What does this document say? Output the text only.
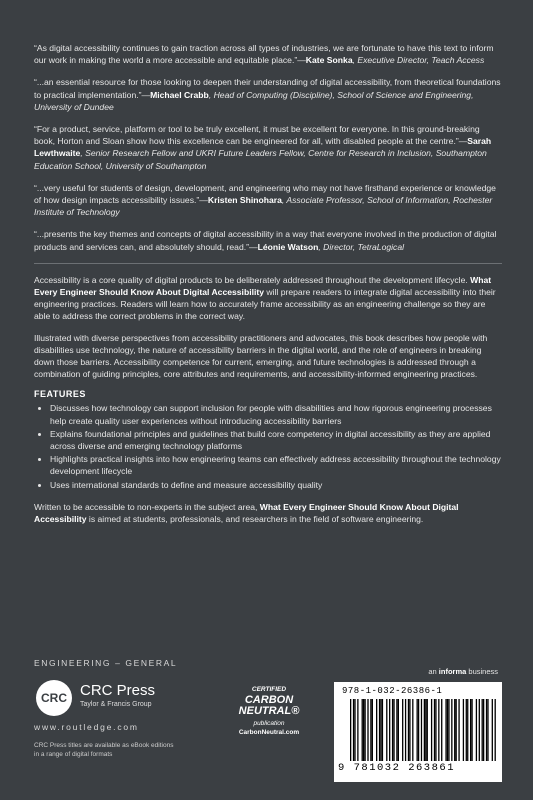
“As digital accessibility continues to gain traction across all types of industries, we are fortunate to have this text to inform our work in making the world a more accessible and equitable place.”—Kate Sonka, Executive Director, Teach Access

“...an essential resource for those looking to deepen their understanding of digital accessibility, from theoretical foundations to practical implementation.”—Michael Crabb, Head of Computing (Discipline), School of Science and Engineering, University of Dundee

“For a product, service, platform or tool to be truly excellent, it must be excellent for everyone. In this ground-breaking book, Horton and Sloan show how this excellence can be engineered for all, with disabled people at the centre.”—Sarah Lewthwaite, Senior Research Fellow and UKRI Future Leaders Fellow, Centre for Research in Inclusion, Southampton Education School, University of Southampton

“...very useful for students of design, development, and engineering who may not have firsthand experience or knowledge of how design impacts accessibility issues.”—Kristen Shinohara, Associate Professor, School of Information, Rochester Institute of Technology

“...presents the key themes and concepts of digital accessibility in a way that everyone involved in the production of digital products and services can, and absolutely should, read.”—Léonie Watson, Director, TetraLogical

Accessibility is a core quality of digital products to be deliberately addressed throughout the development lifecycle. What Every Engineer Should Know About Digital Accessibility will prepare readers to integrate digital accessibility into their engineering practices. Readers will learn how to accurately frame accessibility as an engineering challenge so they are able to address the correct problems in the correct way.

Illustrated with diverse perspectives from accessibility practitioners and advocates, this book describes how people with disabilities use technology, the nature of accessibility barriers in the digital world, and the role of engineers in breaking down those barriers. Accessibility competence for current, emerging, and future technologies is addressed through a combination of guiding principles, core attributes and requirements, and accessibility-informed engineering practices.

FEATURES
• Discusses how technology can support inclusion for people with disabilities and how rigorous engineering processes help create quality user experiences without introducing accessibility barriers
• Explains foundational principles and guidelines that build core competency in digital accessibility as they are applied across diverse and emerging technology platforms
• Highlights practical insights into how engineering teams can effectively address accessibility throughout the technology development lifecycle
• Uses international standards to define and measure accessibility quality

Written to be accessible to non-experts in the subject area, What Every Engineer Should Know About Digital Accessibility is aimed at students, professionals, and researchers in the field of software engineering.

ENGINEERING – GENERAL
CRC CRC Press
Taylor & Francis Group
www.routledge.com
CRC Press titles are available as eBook editions in a range of digital formats
CERTIFIED
CARBON NEUTRAL®
publication
CarbonNeutral.com
an informa business
978-1-032-26386-1
9 781032 263861
